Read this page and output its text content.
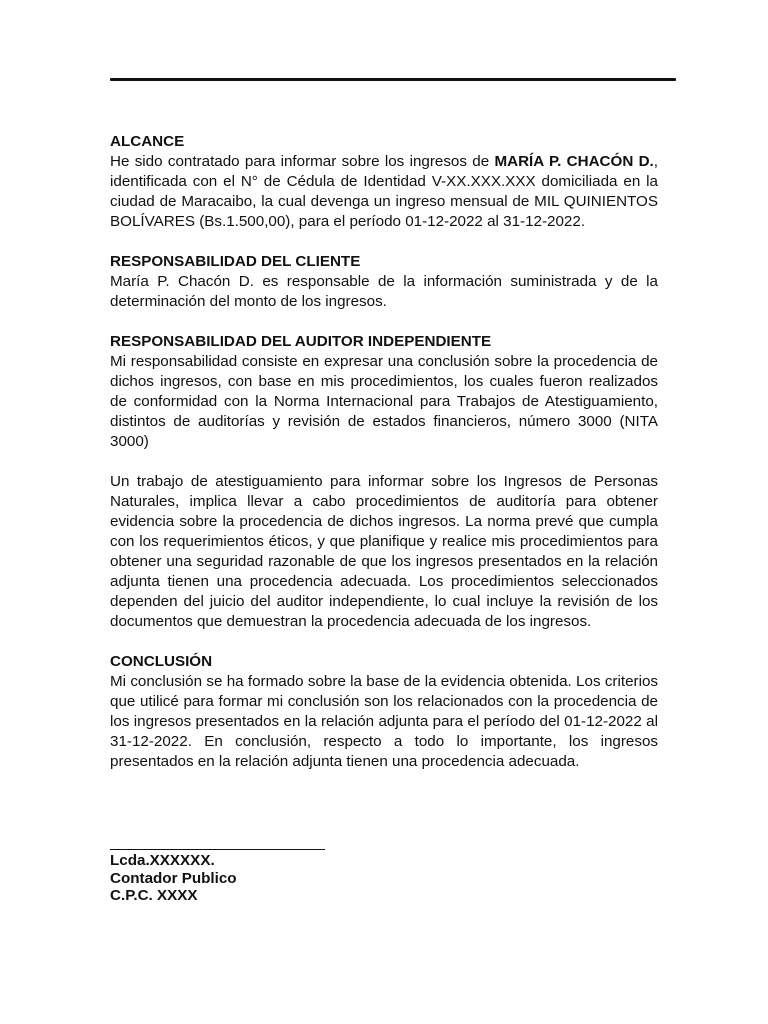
ALCANCE

He sido contratado para informar sobre los ingresos de MARÍA P. CHACÓN D., identificada con el N° de Cédula de Identidad V-XX.XXX.XXX domiciliada en la ciudad de Maracaibo, la cual devenga un ingreso mensual de MIL QUINIENTOS BOLÍVARES (Bs.1.500,00), para el período 01-12-2022 al 31-12-2022.

RESPONSABILIDAD DEL CLIENTE

María P. Chacón D. es responsable de la información suministrada y de la determinación del monto de los ingresos.

RESPONSABILIDAD DEL AUDITOR INDEPENDIENTE

Mi responsabilidad consiste en expresar una conclusión sobre la procedencia de dichos ingresos, con base en mis procedimientos, los cuales fueron realizados de conformidad con la Norma Internacional para Trabajos de Atestiguamiento, distintos de auditorías y revisión de estados financieros, número 3000 (NITA 3000)

Un trabajo de atestiguamiento para informar sobre los Ingresos de Personas Naturales, implica llevar a cabo procedimientos de auditoría para obtener evidencia sobre la procedencia de dichos ingresos. La norma prevé que cumpla con los requerimientos éticos, y que planifique y realice mis procedimientos para obtener una seguridad razonable de que los ingresos presentados en la relación adjunta tienen una procedencia adecuada. Los procedimientos seleccionados dependen del juicio del auditor independiente, lo cual incluye la revisión de los documentos que demuestran la procedencia adecuada de los ingresos.

CONCLUSIÓN

Mi conclusión se ha formado sobre la base de la evidencia obtenida. Los criterios que utilicé para formar mi conclusión son los relacionados con la procedencia de los ingresos presentados en la relación adjunta para el período del 01-12-2022 al 31-12-2022. En conclusión, respecto a todo lo importante, los ingresos presentados en la relación adjunta tienen una procedencia adecuada.

Lcda.XXXXXX.
Contador Publico
C.P.C. XXXX
